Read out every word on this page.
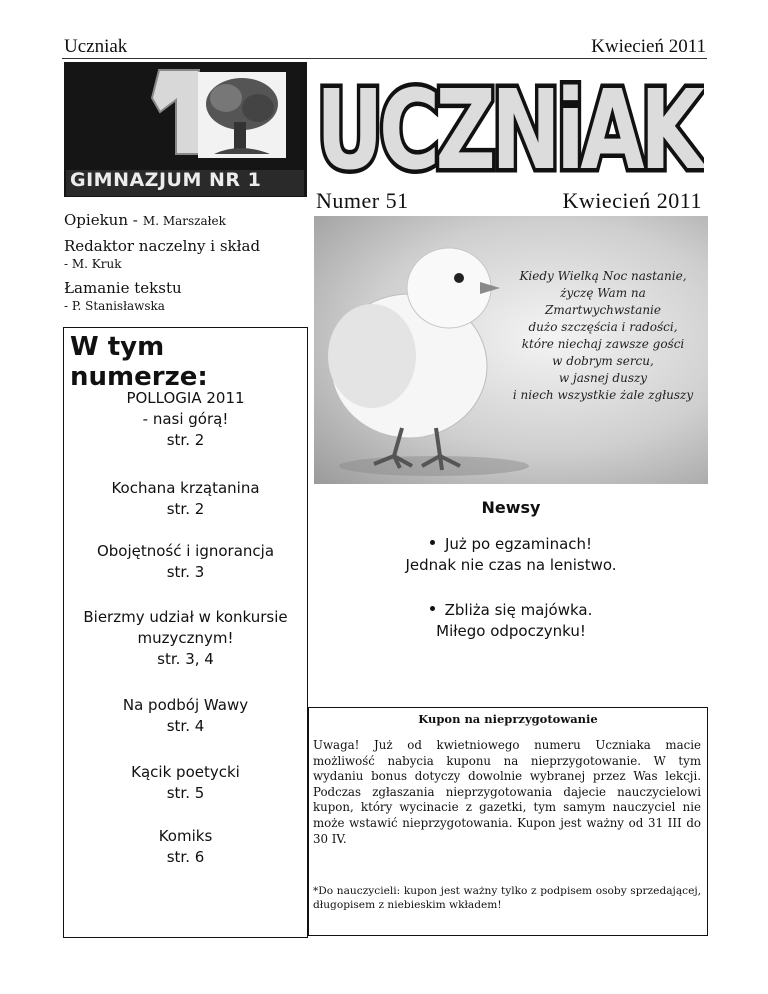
Uczniak	Kwiecień 2011
GIMNAZJUM NR 1 UCZNiAK
Numer 51	Kwiecień 2011
Opiekun - M. Marszałek
Redaktor naczelny i skład
- M. Kruk
Łamanie tekstu
- P. Stanisławska
W tym numerze:
POLLOGIA 2011
- nasi górą!
str. 2
Kochana krzątanina
str. 2
Obojętność i ignorancja
str. 3
Bierzmy udział w konkursie
muzycznym!
str. 3, 4
Na podbój Wawy
str. 4
Kącik poetycki
str. 5
Komiks
str. 6
Kiedy Wielką Noc nastanie,
życzę Wam na
Zmartwychwstanie
dużo szczęścia i radości,
które niechaj zawsze gości
w dobrym sercu,
w jasnej duszy
i niech wszystkie żale zgłuszy
Newsy
Już po egzaminach!
Jednak nie czas na lenistwo.
Zbliża się majówka.
Miłego odpoczynku!
Kupon na nieprzygotowanie

Uwaga! Już od kwietniowego numeru Uczniaka macie możliwość nabycia kuponu na nieprzygotowanie. W tym wydaniu bonus dotyczy dowolnie wybranej przez Was lekcji. Podczas zgłaszania nieprzygotowania dajecie nauczycielowi kupon, który wycinacie z gazetki, tym samym nauczyciel nie może wstawić nieprzygotowania. Kupon jest ważny od 31 III do 30 IV.

*Do nauczycieli: kupon jest ważny tylko z podpisem osoby sprzedającej, długopisem z niebieskim wkładem!
